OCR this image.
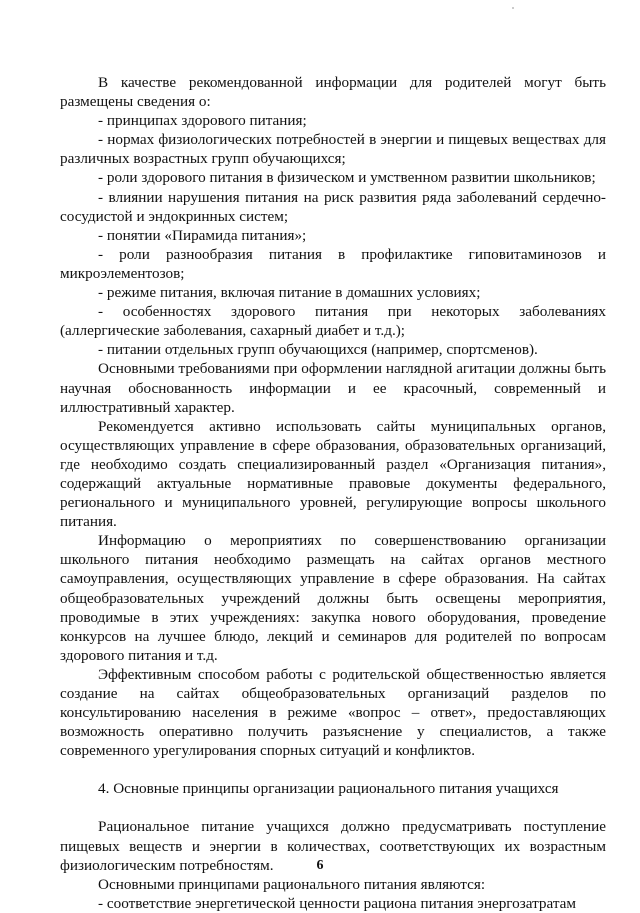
В качестве рекомендованной информации для родителей могут быть размещены сведения о:

- принципах здорового питания;

- нормах физиологических потребностей в энергии и пищевых веществах для различных возрастных групп обучающихся;

- роли здорового питания в физическом и умственном развитии школьников;

- влиянии нарушения питания на риск развития ряда заболеваний сердечно-сосудистой и эндокринных систем;

- понятии «Пирамида питания»;

- роли разнообразия питания в профилактике гиповитаминозов и микроэлементозов;

- режиме питания, включая питание в домашних условиях;

- особенностях здорового питания при некоторых заболеваниях (аллергические заболевания, сахарный диабет и т.д.);

- питании отдельных групп обучающихся (например, спортсменов).

Основными требованиями при оформлении наглядной агитации должны быть научная обоснованность информации и ее красочный, современный и иллюстративный характер.

Рекомендуется активно использовать сайты муниципальных органов, осуществляющих управление в сфере образования, образовательных организаций, где необходимо создать специализированный раздел «Организация питания», содержащий актуальные нормативные правовые документы федерального, регионального и муниципального уровней, регулирующие вопросы школьного питания.

Информацию о мероприятиях по совершенствованию организации школьного питания необходимо размещать на сайтах органов местного самоуправления, осуществляющих управление в сфере образования. На сайтах общеобразовательных учреждений должны быть освещены мероприятия, проводимые в этих учреждениях: закупка нового оборудования, проведение конкурсов на лучшее блюдо, лекций и семинаров для родителей по вопросам здорового питания и т.д.

Эффективным способом работы с родительской общественностью является создание на сайтах общеобразовательных организаций разделов по консультированию населения в режиме «вопрос – ответ», предоставляющих возможность оперативно получить разъяснение у специалистов, а также современного урегулирования спорных ситуаций и конфликтов.

4. Основные принципы организации рационального питания учащихся

Рациональное питание учащихся должно предусматривать поступление пищевых веществ и энергии в количествах, соответствующих их возрастным физиологическим потребностям.

Основными принципами рационального питания являются:

- соответствие энергетической ценности рациона питания энергозатратам

6
